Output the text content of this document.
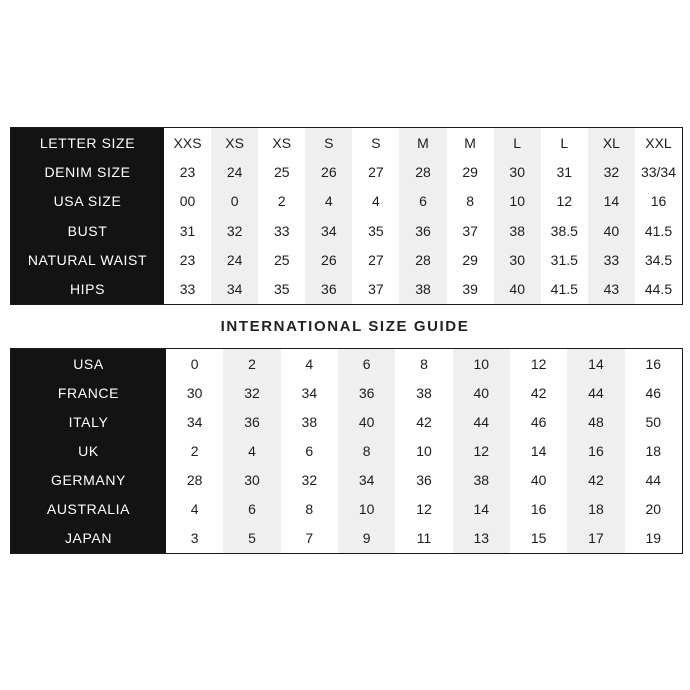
LETTER SIZE
DENIM SIZE
USA SIZE
BUST
NATURAL WAIST
HIPS
XXS
23
00
31
23
33
XS
24
0
32
24
34
XS
25
2
33
25
35
S
26
4
34
26
36
S
27
4
35
27
37
M
28
6
36
28
38
M
29
8
37
29
39
L
30
10
38
30
40
L
31
12
38.5
31.5
41.5
XL
32
14
40
33
43
XXL
33/34
16
41.5
34.5
44.5
INTERNATIONAL SIZE GUIDE
USA
FRANCE
ITALY
UK
GERMANY
AUSTRALIA
JAPAN
0
30
34
2
28
4
3
2
32
36
4
30
6
5
4
34
38
6
32
8
7
6
36
40
8
34
10
9
8
38
42
10
36
12
11
10
40
44
12
38
14
13
12
42
46
14
40
16
15
14
44
48
16
42
18
17
16
46
50
18
44
20
19
